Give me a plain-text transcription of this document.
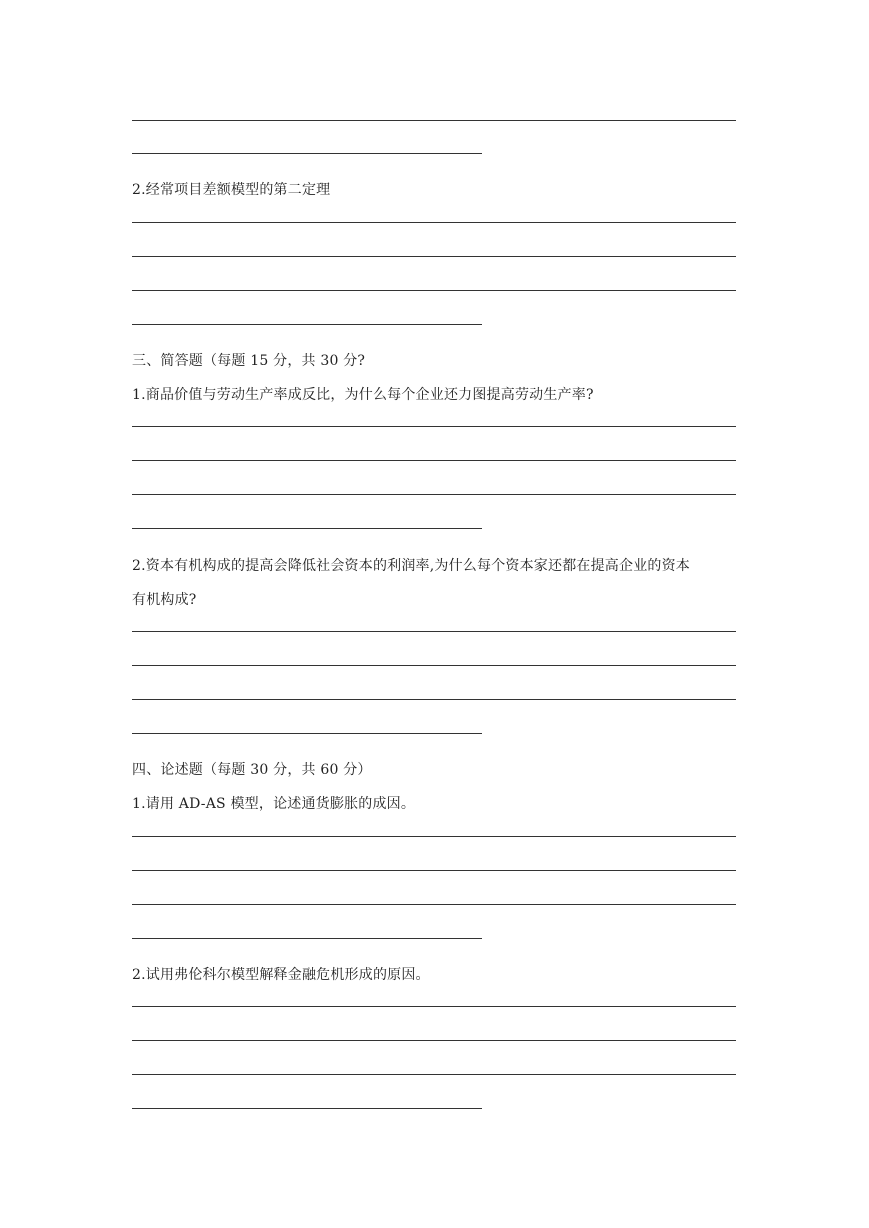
2.经常项目差额模型的第二定理
三、简答题（每题 15 分，共 30 分?
1.商品价值与劳动生产率成反比，为什么每个企业还力图提高劳动生产率?
2.资本有机构成的提高会降低社会资本的利润率,为什么每个资本家还都在提高企业的资本
有机构成?
四、论述题（每题 30 分，共 60 分）
1.请用 AD-AS 模型，论述通货膨胀的成因。
2.试用弗伦科尔模型解释金融危机形成的原因。
